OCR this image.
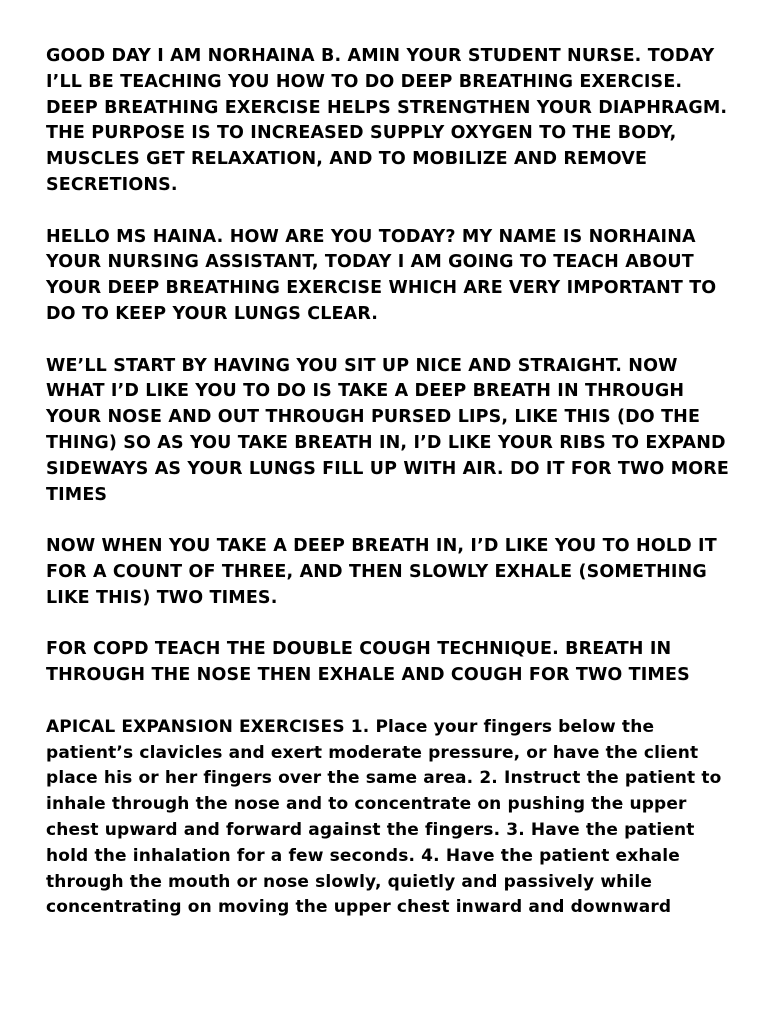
GOOD DAY I AM NORHAINA B. AMIN YOUR STUDENT NURSE. TODAY I’LL BE TEACHING YOU HOW TO DO DEEP BREATHING EXERCISE. DEEP BREATHING EXERCISE HELPS STRENGTHEN YOUR DIAPHRAGM. THE PURPOSE IS TO INCREASED SUPPLY OXYGEN TO THE BODY, MUSCLES GET RELAXATION, AND TO MOBILIZE AND REMOVE SECRETIONS.

HELLO MS HAINA. HOW ARE YOU TODAY? MY NAME IS NORHAINA YOUR NURSING ASSISTANT, TODAY I AM GOING TO TEACH ABOUT YOUR DEEP BREATHING EXERCISE WHICH ARE VERY IMPORTANT TO DO TO KEEP YOUR LUNGS CLEAR.

WE’LL START BY HAVING YOU SIT UP NICE AND STRAIGHT. NOW WHAT I’D LIKE YOU TO DO IS TAKE A DEEP BREATH IN THROUGH YOUR NOSE AND OUT THROUGH PURSED LIPS, LIKE THIS (DO THE THING) SO AS YOU TAKE BREATH IN, I’D LIKE YOUR RIBS TO EXPAND SIDEWAYS AS YOUR LUNGS FILL UP WITH AIR. DO IT FOR TWO MORE TIMES

NOW WHEN YOU TAKE A DEEP BREATH IN, I’D LIKE YOU TO HOLD IT FOR A COUNT OF THREE, AND THEN SLOWLY EXHALE (SOMETHING LIKE THIS) TWO TIMES.

FOR COPD TEACH THE DOUBLE COUGH TECHNIQUE. BREATH IN THROUGH THE NOSE THEN EXHALE AND COUGH FOR TWO TIMES

APICAL EXPANSION EXERCISES 1. Place your fingers below the patient’s clavicles and exert moderate pressure, or have the client place his or her fingers over the same area. 2. Instruct the patient to inhale through the nose and to concentrate on pushing the upper chest upward and forward against the fingers. 3. Have the patient hold the inhalation for a few seconds. 4. Have the patient exhale through the mouth or nose slowly, quietly and passively while concentrating on moving the upper chest inward and downward
